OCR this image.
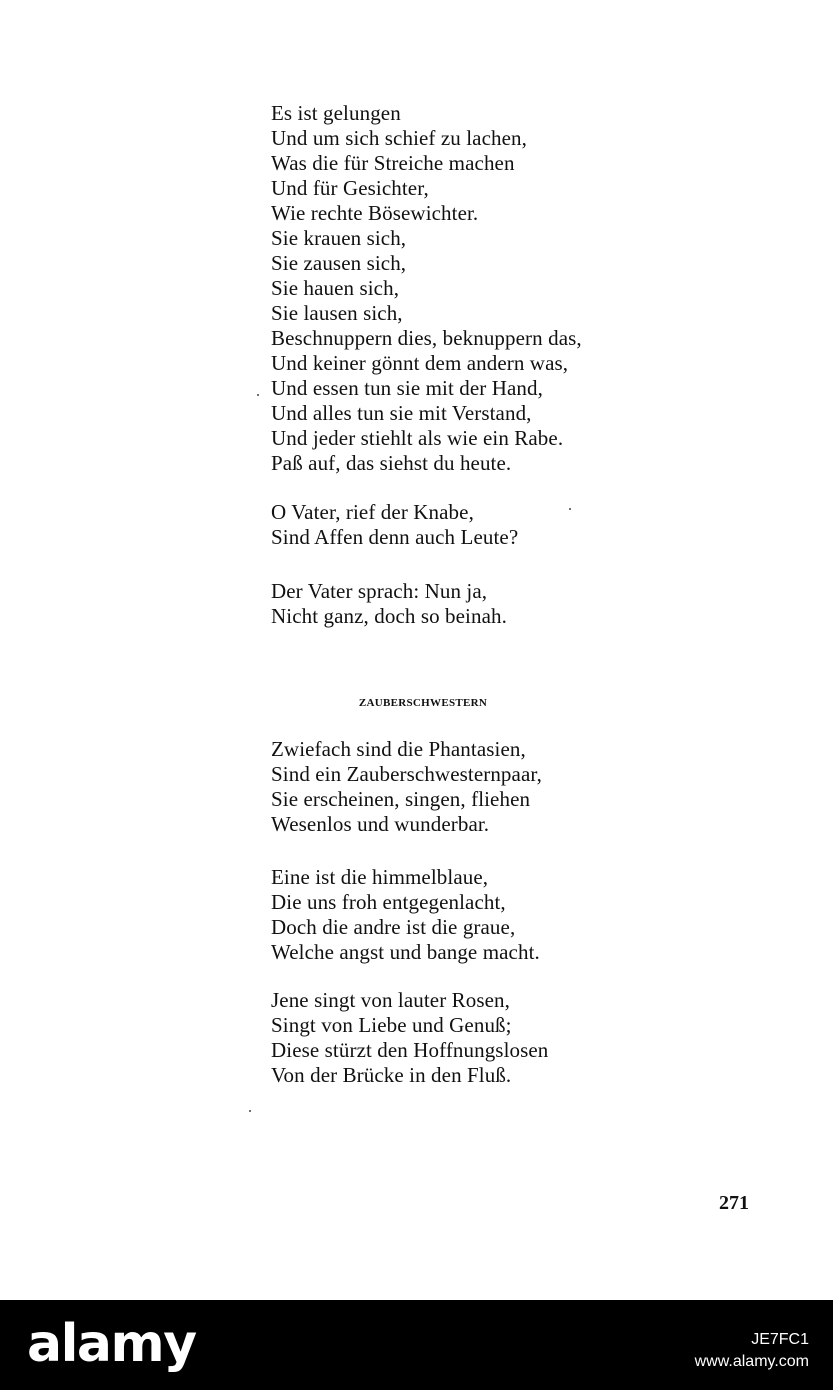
Es ist gelungen
Und um sich schief zu lachen,
Was die für Streiche machen
Und für Gesichter,
Wie rechte Bösewichter.
Sie krauen sich,
Sie zausen sich,
Sie hauen sich,
Sie lausen sich,
Beschnuppern dies, beknuppern das,
Und keiner gönnt dem andern was,
Und essen tun sie mit der Hand,
Und alles tun sie mit Verstand,
Und jeder stiehlt als wie ein Rabe.
Paß auf, das siehst du heute.
O Vater, rief der Knabe,
Sind Affen denn auch Leute?
Der Vater sprach: Nun ja,
Nicht ganz, doch so beinah.
ZAUBERSCHWESTERN
Zwiefach sind die Phantasien,
Sind ein Zauberschwesternpaar,
Sie erscheinen, singen, fliehen
Wesenlos und wunderbar.
Eine ist die himmelblaue,
Die uns froh entgegenlacht,
Doch die andre ist die graue,
Welche angst und bange macht.
Jene singt von lauter Rosen,
Singt von Liebe und Genuß;
Diese stürzt den Hoffnungslosen
Von der Brücke in den Fluß.
271
alamy	JE7FC1
www.alamy.com
